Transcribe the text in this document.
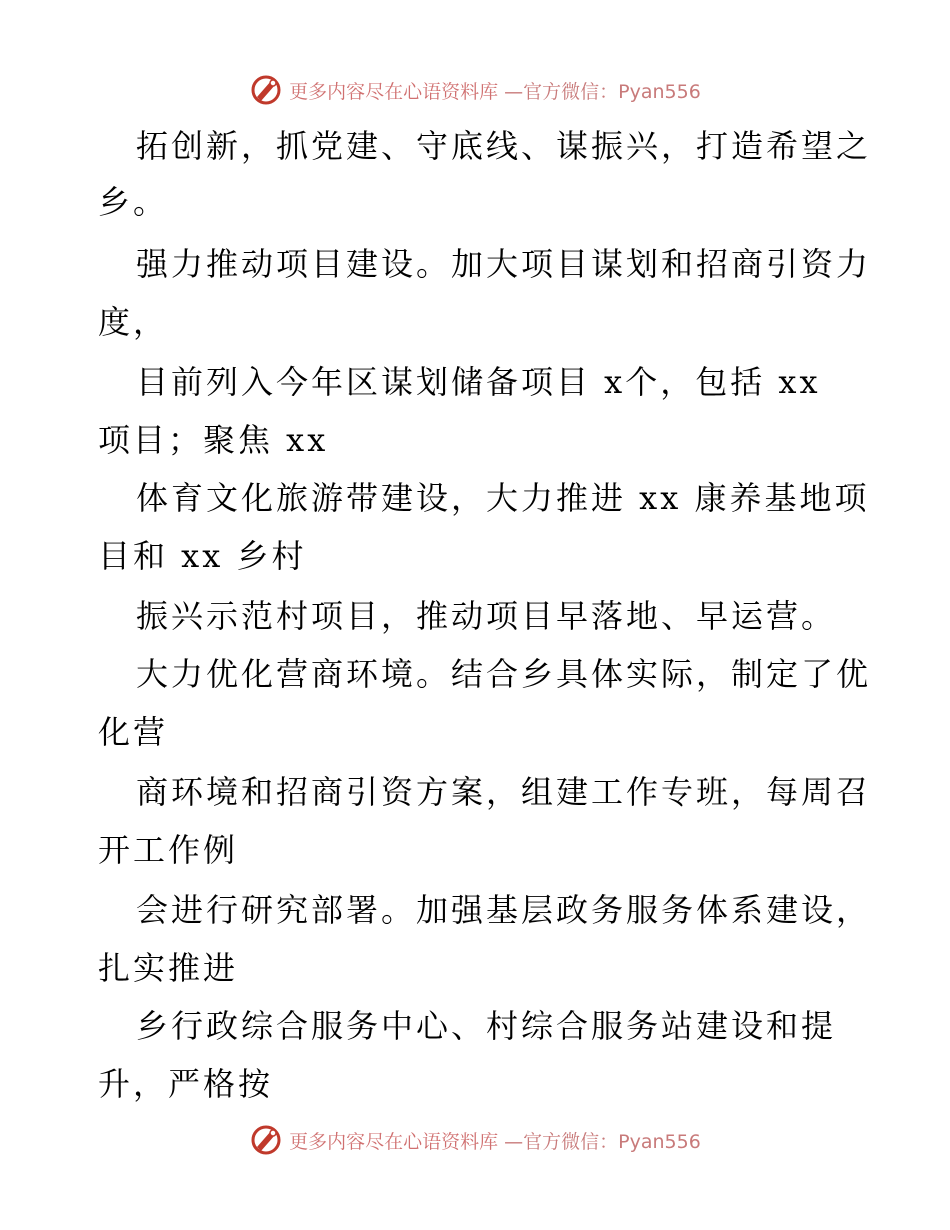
更多内容尽在心语资料库 —官方微信：Pyan556
拓创新，抓党建、守底线、谋振兴，打造希望之
乡。
强力推动项目建设。加大项目谋划和招商引资力
度，
目前列入今年区谋划储备项目 x个，包括 xx
项目；聚焦 xx
体育文化旅游带建设，大力推进 xx 康养基地项
目和 xx 乡村
振兴示范村项目，推动项目早落地、早运营。
大力优化营商环境。结合乡具体实际，制定了优
化营
商环境和招商引资方案，组建工作专班，每周召
开工作例
会进行研究部署。加强基层政务服务体系建设，
扎实推进
乡行政综合服务中心、村综合服务站建设和提
升，严格按
更多内容尽在心语资料库 —官方微信：Pyan556
